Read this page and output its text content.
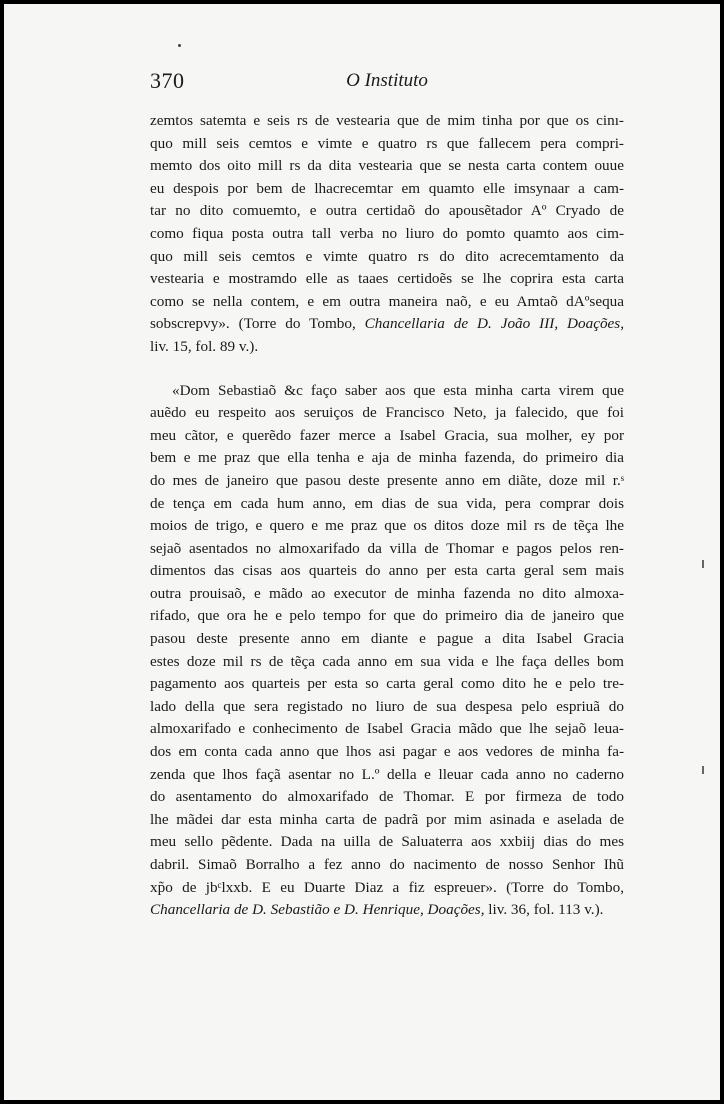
370	O Instituto
zemtos satemta e seis rs de vestearia que de mim tinha por que os cinı-
quo mill seis cemtos e vimte e quatro rs que fallecem pera compri-
memto dos oito mill rs da dita vestearia que se nesta carta contem ouue
eu despois por bem de lhacrecemtar em quamto elle imsynaar a cam-
tar no dito comuemto, e outra certidaõ do apousẽtador Aº Cryado de
como fiqua posta outra tall verba no liuro do pomto quamto aos cim-
quo mill seis cemtos e vimte quatro rs do dito acrecemtamento da
vestearia e mostramdo elle as taaes certidoẽs se lhe coprira esta carta
como se nella contem, e em outra maneira naõ, e eu Amtaõ dAºsequa
sobscrepvy». (Torre do Tombo, Chancellaria de D. João III, Doações,
liv. 15, fol. 89 v.).
«Dom Sebastiaõ &c faço saber aos que esta minha carta virem que
auẽdo eu respeito aos seruiços de Francisco Neto, ja falecido, que foi
meu cãtor, e querẽdo fazer merce a Isabel Gracia, sua molher, ey por
bem e me praz que ella tenha e aja de minha fazenda, do primeiro dia
do mes de janeiro que pasou deste presente anno em diãte, doze mil r.ˢ
de tença em cada hum anno, em dias de sua vida, pera comprar dois
moios de trigo, e quero e me praz que os ditos doze mil rs de tẽça lhe
sejaõ asentados no almoxarifado da villa de Thomar e pagos pelos ren-
dimentos das cisas aos quarteis do anno per esta carta geral sem mais
outra prouisaõ, e mãdo ao executor de minha fazenda no dito almoxa-
rifado, que ora he e pelo tempo for que do primeiro dia de janeiro que
pasou deste presente anno em diante e pague a dita Isabel Gracia
estes doze mil rs de tẽça cada anno em sua vida e lhe faça delles bom
pagamento aos quarteis per esta so carta geral como dito he e pelo tre-
lado della que sera registado no liuro de sua despesa pelo espriuã do
almoxarifado e conhecimento de Isabel Gracia mãdo que lhe sejaõ leua-
dos em conta cada anno que lhos asi pagar e aos vedores de minha fa-
zenda que lhos façã asentar no L.º della e lleuar cada anno no caderno
do asentamento do almoxarifado de Thomar. E por firmeza de todo
lhe mãdei dar esta minha carta de padrã por mim asinada e aselada de
meu sello pẽdente. Dada na uilla de Saluaterra aos xxbiij dias do mes
dabril. Simaõ Borralho a fez anno do nacimento de nosso Senhor Ihũ
xp̃o de jbᶜlxxb. E eu Duarte Diaz a fiz espreuer». (Torre do Tombo,
Chancellaria de D. Sebastião e D. Henrique, Doações, liv. 36, fol. 113 v.).
